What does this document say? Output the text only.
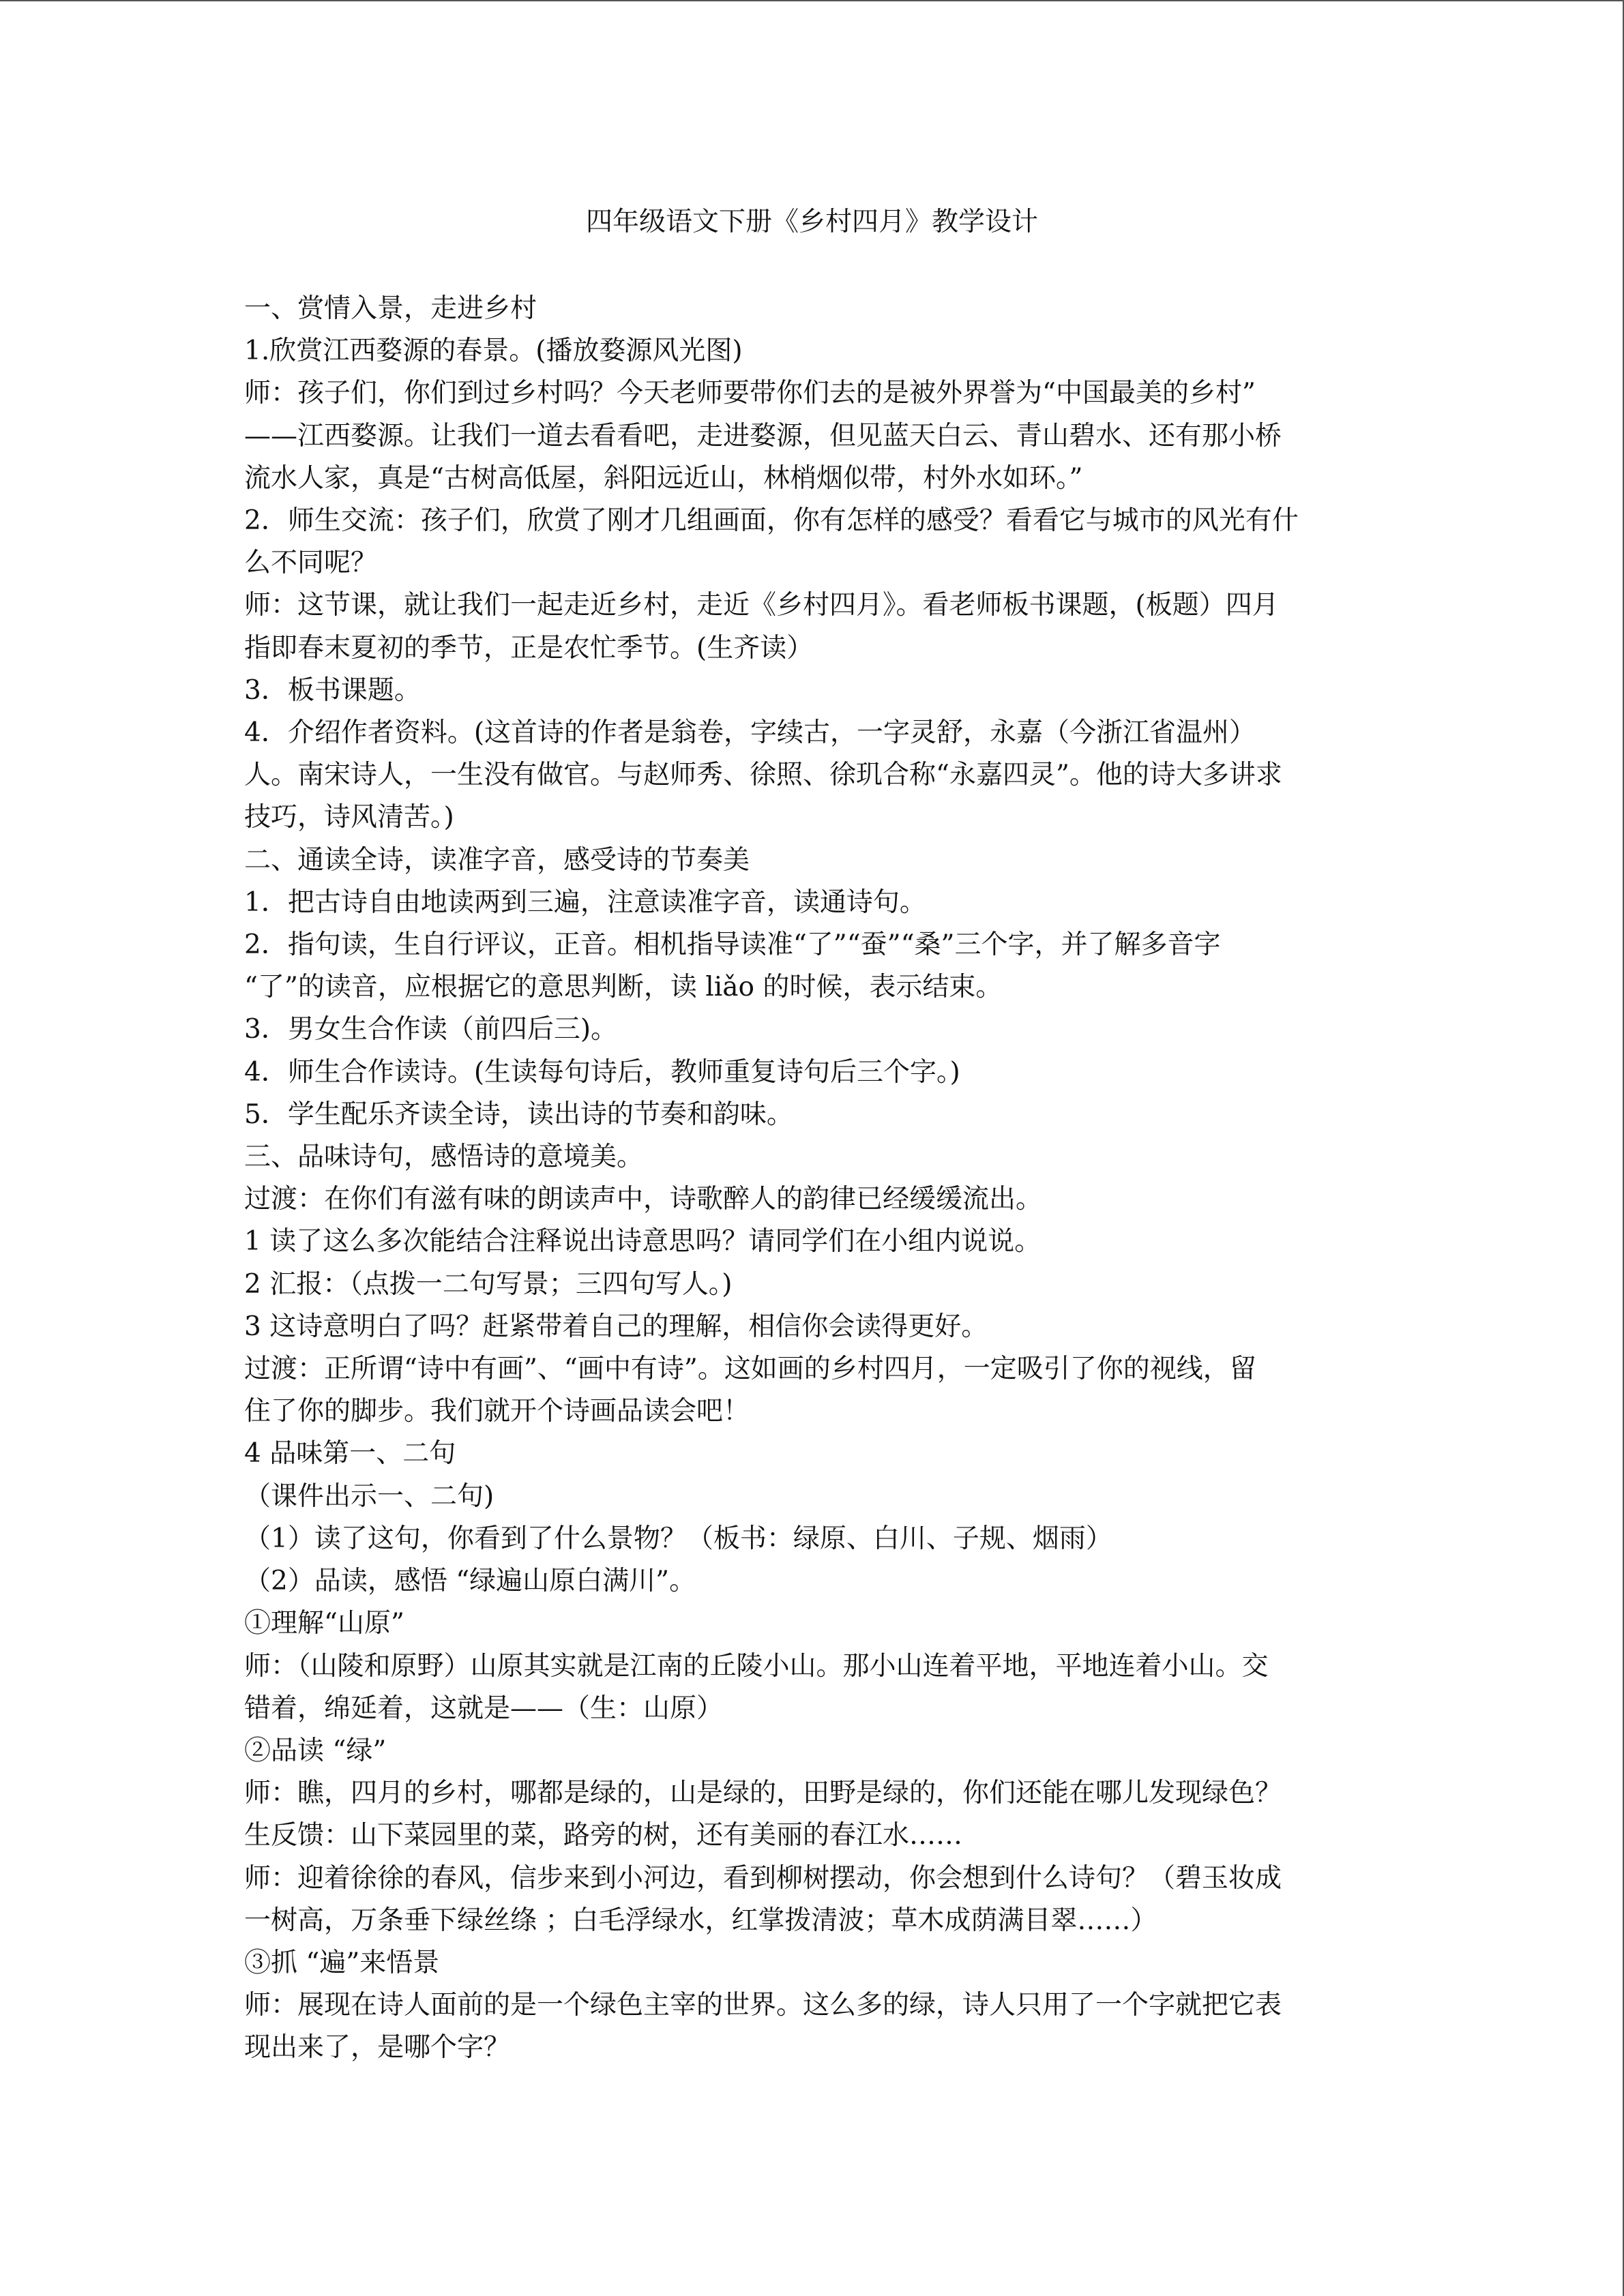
四年级语文下册《乡村四月》教学设计

一、赏情入景，走进乡村

1.欣赏江西婺源的春景。(播放婺源风光图)

师：孩子们，你们到过乡村吗？今天老师要带你们去的是被外界誉为“中国最美的乡村”

——江西婺源。让我们一道去看看吧，走进婺源，但见蓝天白云、青山碧水、还有那小桥

流水人家，真是“古树高低屋，斜阳远近山，林梢烟似带，村外水如环。”

2．师生交流：孩子们，欣赏了刚才几组画面，你有怎样的感受？看看它与城市的风光有什

么不同呢？

师：这节课，就让我们一起走近乡村，走近《乡村四月》。看老师板书课题，(板题）四月

指即春末夏初的季节，正是农忙季节。(生齐读）

3．板书课题。

4．介绍作者资料。(这首诗的作者是翁卷，字续古，一字灵舒，永嘉（今浙江省温州）

人。南宋诗人，一生没有做官。与赵师秀、徐照、徐玑合称“永嘉四灵”。他的诗大多讲求

技巧，诗风清苦。)

二、通读全诗，读准字音，感受诗的节奏美

1．把古诗自由地读两到三遍，注意读准字音，读通诗句。

2．指句读，生自行评议，正音。相机指导读准“了”“蚕”“桑”三个字，并了解多音字

“了”的读音，应根据它的意思判断，读 liǎo 的时候，表示结束。

3．男女生合作读（前四后三)。

4．师生合作读诗。(生读每句诗后，教师重复诗句后三个字。)

5．学生配乐齐读全诗，读出诗的节奏和韵味。

三、品味诗句，感悟诗的意境美。

过渡：在你们有滋有味的朗读声中，诗歌醉人的韵律已经缓缓流出。

1 读了这么多次能结合注释说出诗意思吗？请同学们在小组内说说。

2 汇报：（点拨一二句写景；三四句写人。)

3 这诗意明白了吗？赶紧带着自己的理解，相信你会读得更好。

过渡：正所谓“诗中有画”、“画中有诗”。这如画的乡村四月，一定吸引了你的视线，留

住了你的脚步。我们就开个诗画品读会吧！

4 品味第一、二句

（课件出示一、二句)

（1）读了这句，你看到了什么景物？（板书：绿原、白川、子规、烟雨）

（2）品读，感悟 “绿遍山原白满川”。

①理解“山原”

师：（山陵和原野）山原其实就是江南的丘陵小山。那小山连着平地，平地连着小山。交

错着，绵延着，这就是——（生：山原）

②品读 “绿”

师：瞧，四月的乡村，哪都是绿的，山是绿的，田野是绿的，你们还能在哪儿发现绿色？

生反馈：山下菜园里的菜，路旁的树，还有美丽的春江水……

师：迎着徐徐的春风，信步来到小河边，看到柳树摆动，你会想到什么诗句？（碧玉妆成

一树高，万条垂下绿丝绦 ；白毛浮绿水，红掌拨清波；草木成荫满目翠……）

③抓 “遍”来悟景

师：展现在诗人面前的是一个绿色主宰的世界。这么多的绿，诗人只用了一个字就把它表

现出来了，是哪个字？
